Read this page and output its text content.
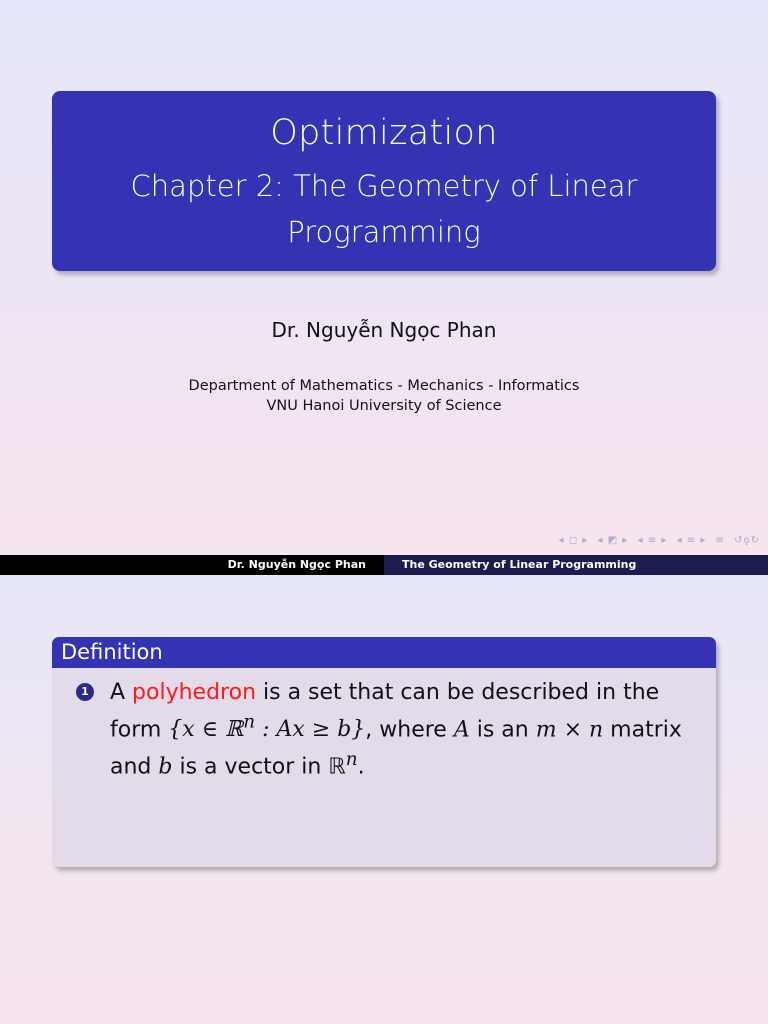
Optimization
Chapter 2: The Geometry of Linear Programming
Dr. Nguyễn Ngọc Phan
Department of Mathematics - Mechanics - Informatics
VNU Hanoi University of Science
◂ ◻ ▸ ◂ ◩ ▸ ◂ ≡ ▸ ◂ ≡ ▸ ≡ ↺ǫ↻
Dr. Nguyễn Ngọc Phan	The Geometry of Linear Programming
Definition
1 A polyhedron is a set that can be described in the form {x ∈ ℝ$^n$ : Ax ≥ b}, where A is an m × n matrix and b is a vector in ℝ$^n$.
